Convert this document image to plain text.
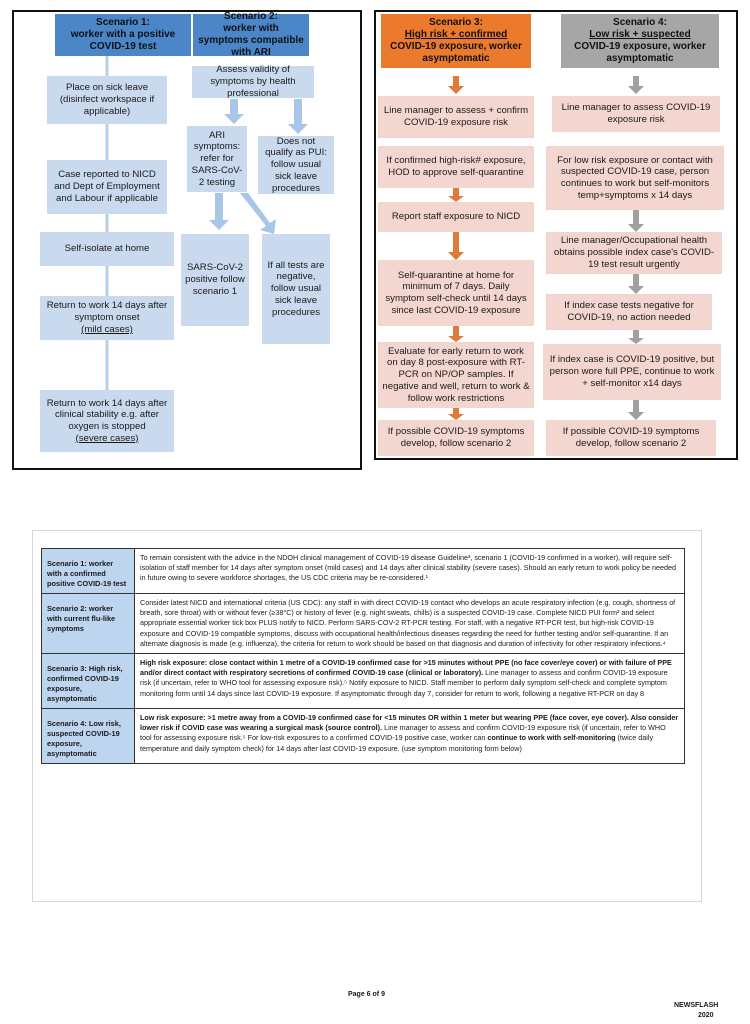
Scenario 1:
worker with a positive COVID-19 test
Place on sick leave (disinfect workspace if applicable)
Case reported to NICD and Dept of Employment and Labour if applicable
Self-isolate at home
Return to work 14 days after symptom onset
(mild cases)
Return to work 14 days after clinical stability e.g. after oxygen is stopped
(severe cases)
Scenario 2:
worker with symptoms compatible with ARI
Assess validity of symptoms by health professional
ARI symptoms: refer for SARS-CoV-2 testing
Does not qualify as PUI: follow usual sick leave procedures
SARS-CoV-2 positive follow scenario 1
If all tests are negative, follow usual sick leave procedures
Scenario 3:
High risk + confirmed
COVID-19 exposure, worker asymptomatic
Scenario 4:
Low risk + suspected
COVID-19 exposure, worker asymptomatic
Line manager to assess + confirm COVID-19 exposure risk
If confirmed high-risk# exposure, HOD to approve self-quarantine
Report staff exposure to NICD
Self-quarantine at home for minimum of 7 days. Daily symptom self-check until 14 days since last COVID-19 exposure
Evaluate for early return to work on day 8 post-exposure with RT-PCR on NP/OP samples. If negative and well, return to work & follow work restrictions
If possible COVID-19 symptoms develop, follow scenario 2
Line manager to assess COVID-19 exposure risk
For low risk exposure or contact with suspected COVID-19 case, person continues to work but self-monitors temp+symptoms x 14 days
Line manager/Occupational health obtains possible index case's COVID-19 test result urgently
If index case tests negative for COVID-19, no action needed
If index case is COVID-19 positive, but person wore full PPE, continue to work + self-monitor x14 days
If possible COVID-19 symptoms develop, follow scenario 2
Scenario 1: worker with a confirmed positive COVID-19 test	To remain consistent with the advice in the NDOH clinical management of COVID-19 disease Guideline³, scenario 1 (COVID-19 confirmed in a worker), will require self-isolation of staff member for 14 days after symptom onset (mild cases) and 14 days after clinical stability (severe cases). Should an early return to work policy be needed in future owing to severe workforce shortages, the US CDC criteria may be re-considered.¹
Scenario 2: worker with current flu-like symptoms	Consider latest NICD and international criteria (US CDC): any staff in with direct COVID-19 contact who develops an acute respiratory infection (e.g. cough, shortness of breath, sore throat) with or without fever (≥38°C) or history of fever (e.g. night sweats, chills) is a suspected COVID-19 case. Complete NICD PUI form² and select appropriate essential worker tick box PLUS notify to NICD. Perform SARS-COV-2 RT-PCR testing. For staff, with a negative RT-PCR test, but high-risk COVID-19 exposure and COVID-19 compatible symptoms, discuss with occupational health/infectious diseases regarding the need for further testing and/or self-quarantine. If an alternate diagnosis is made (e.g. influenza), the criteria for return to work should be based on that diagnosis and duration of infectivity for other respiratory infections.⁴
Scenario 3: High risk, confirmed COVID-19 exposure, asymptomatic	High risk exposure: close contact within 1 metre of a COVID-19 confirmed case for >15 minutes without PPE (no face cover/eye cover) or with failure of PPE and/or direct contact with respiratory secretions of confirmed COVID-19 case (clinical or laboratory). Line manager to assess and confirm COVID-19 exposure risk (if uncertain, refer to WHO tool for assessing exposure risk).⁵ Notify exposure to NICD. Staff member to perform daily symptom self-check and complete symptom monitoring form until 14 days since last COVID-19 exposure. If asymptomatic through day 7, consider for return to work, following a negative RT-PCR on day 8
Scenario 4: Low risk, suspected COVID-19 exposure, asymptomatic	Low risk exposure: >1 metre away from a COVID-19 confirmed case for <15 minutes OR within 1 meter but wearing PPE (face cover, eye cover). Also consider lower risk if COVID case was wearing a surgical mask (source control). Line manager to assess and confirm COVID-19 exposure risk (if uncertain, refer to WHO tool for assessing exposure risk.⁵ For low-risk exposures to a confirmed COVID-19 positive case, worker can continue to work with self-monitoring (twice daily temperature and daily symptom check) for 14 days after last COVID-19 exposure. (use symptom monitoring form below)
Page 6 of 9
NEWSFLASH
2020
